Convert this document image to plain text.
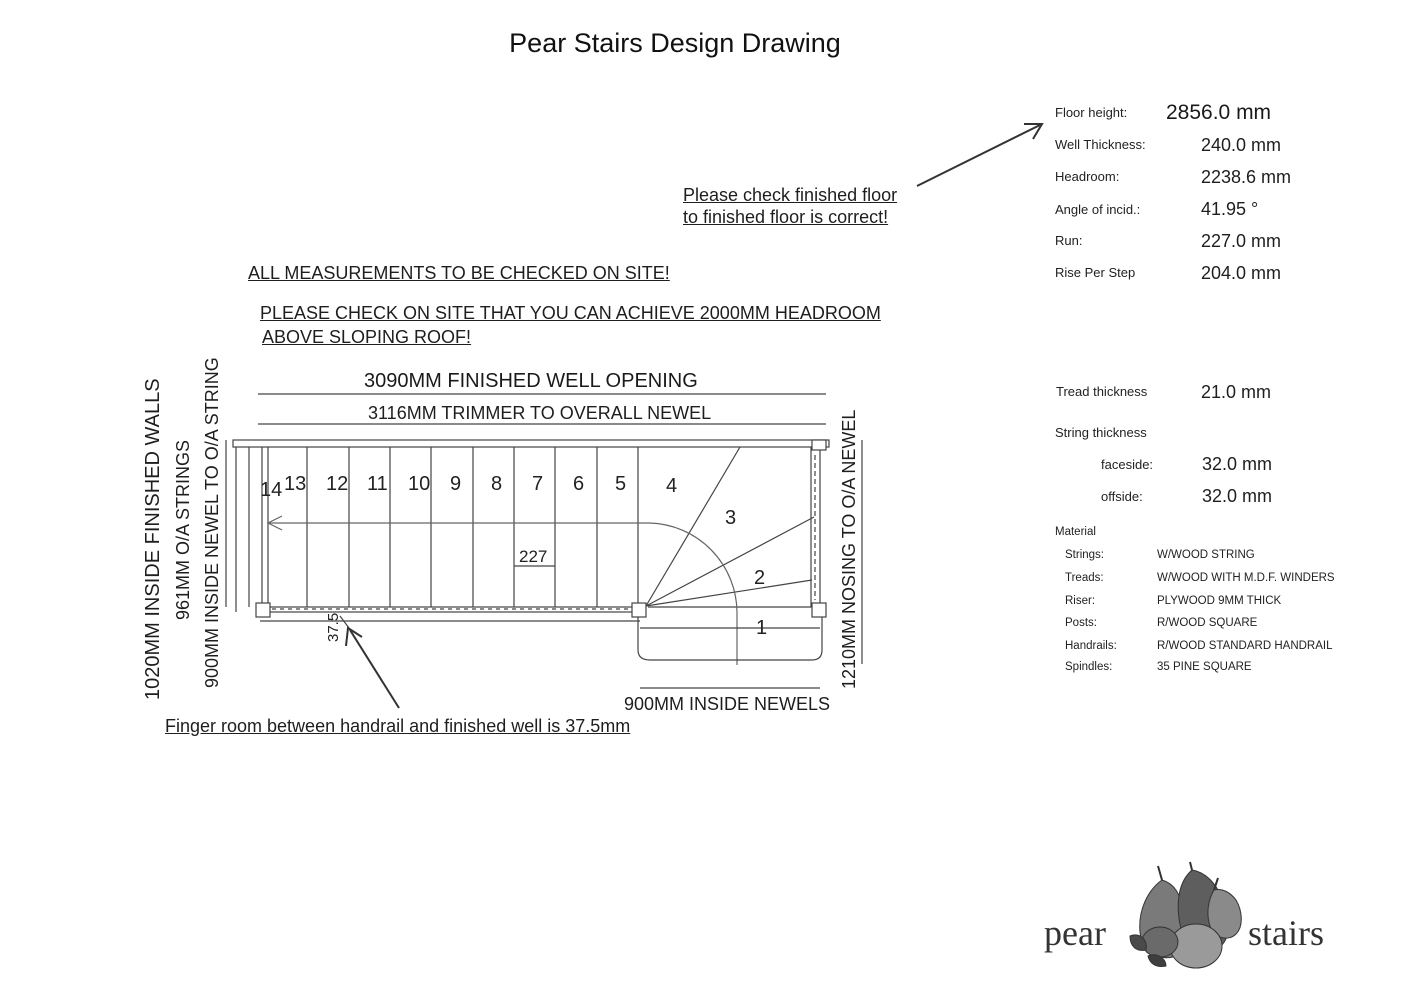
Pear Stairs Design Drawing
Floor height: 2856.0 mm
Well Thickness:	240.0 mm
Headroom:	2238.6 mm
Angle of incid.:	41.95 °
Run:	227.0 mm
Rise Per Step	204.0 mm
Tread thickness	21.0 mm
String thickness
faceside:	32.0 mm
offside:	32.0 mm
Material
Strings:	W/WOOD STRING
Treads:	W/WOOD WITH M.D.F. WINDERS
Riser:	PLYWOOD 9MM THICK
Posts:	R/WOOD SQUARE
Handrails:	R/WOOD STANDARD HANDRAIL
Spindles:	35 PINE SQUARE
Please check finished floor
to finished floor is correct!
ALL MEASUREMENTS TO BE CHECKED ON SITE!
PLEASE CHECK ON SITE THAT YOU CAN ACHIEVE 2000MM HEADROOM
ABOVE SLOPING ROOF!
Finger room between handrail and finished well is 37.5mm
3090MM FINISHED WELL OPENING
3116MM TRIMMER TO OVERALL NEWEL
900MM INSIDE NEWELS
1020MM INSIDE FINISHED WALLS 961MM O/A STRINGS 900MM INSIDE NEWEL TO O/A STRING	1210MM NOSING TO O/A NEWEL
14 13 12 11 10 9 8 7 6 5 4
3
2
1
227
37.5
pear	stairs
